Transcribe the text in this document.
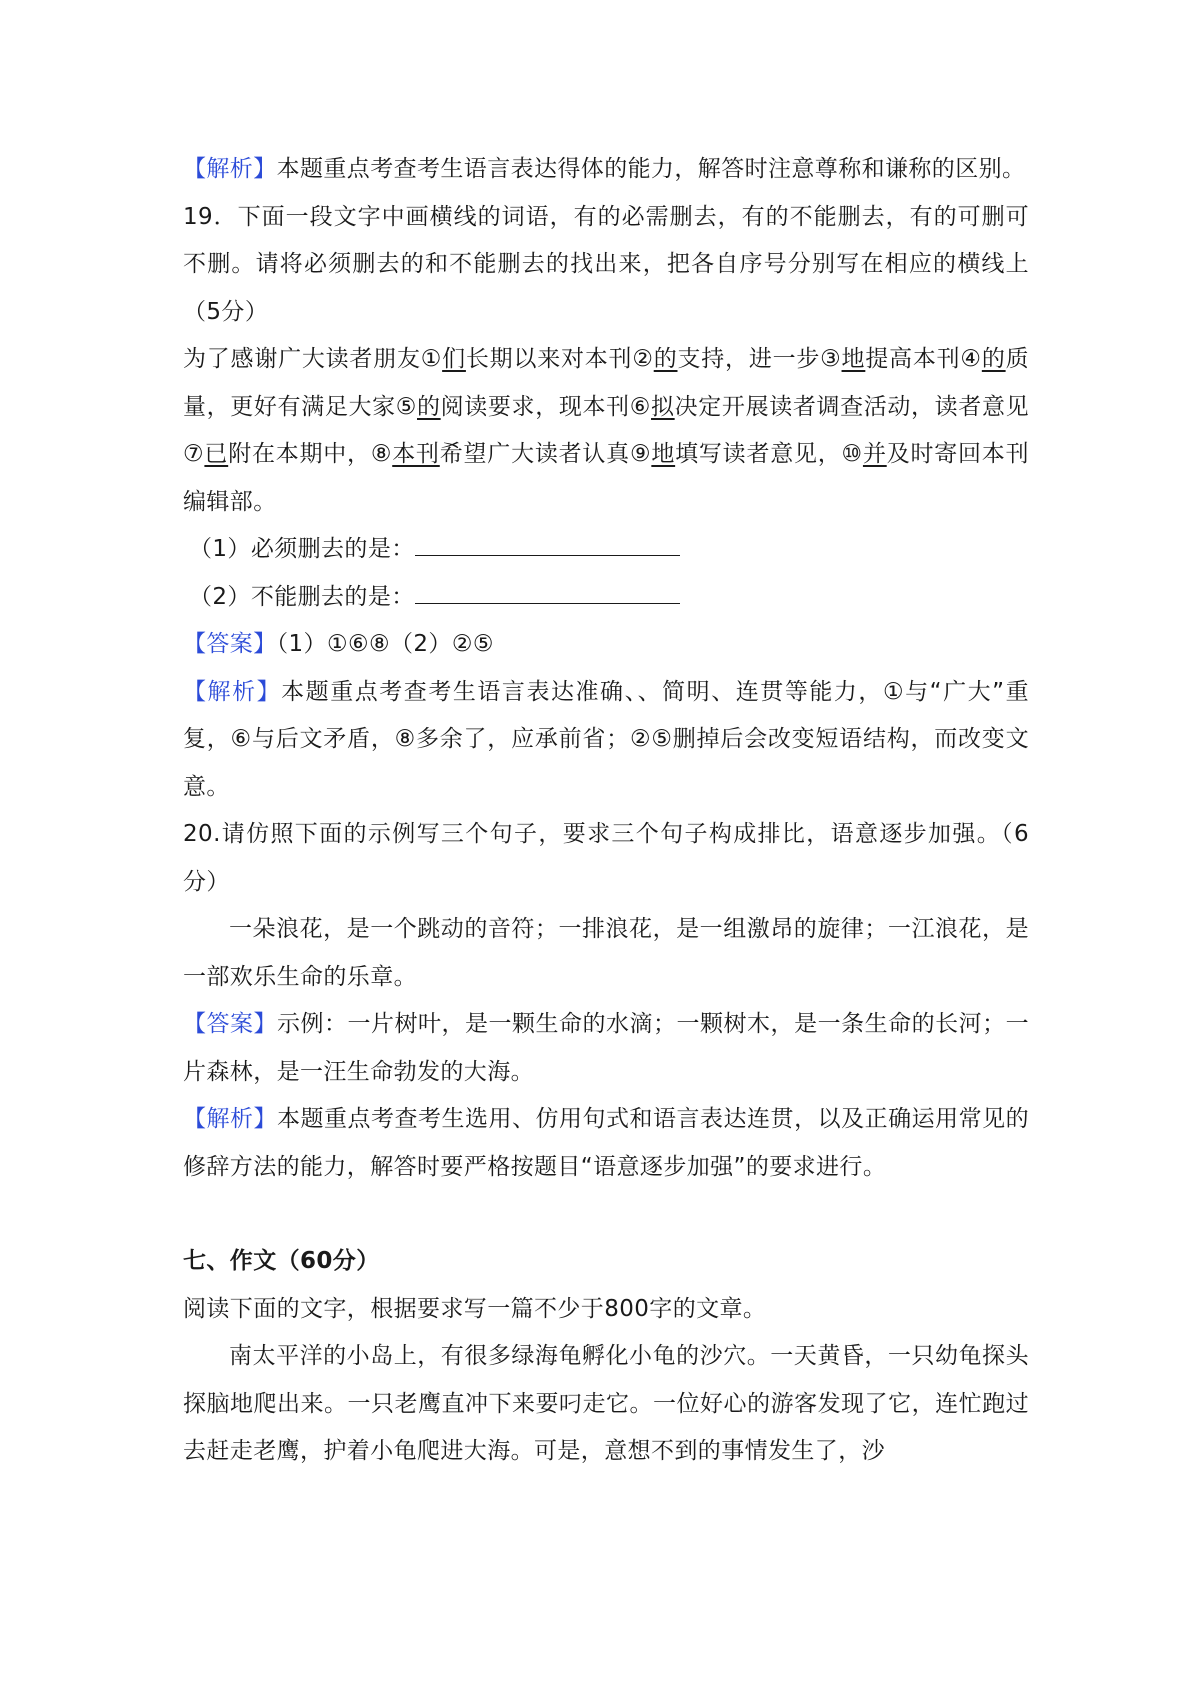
【解析】本题重点考查考生语言表达得体的能力，解答时注意尊称和谦称的区别。

19．下面一段文字中画横线的词语，有的必需删去，有的不能删去，有的可删可不删。请将必须删去的和不能删去的找出来，把各自序号分别写在相应的横线上（5分）

为了感谢广大读者朋友①们长期以来对本刊②的支持，进一步③地提高本刊④的质量，更好有满足大家⑤的阅读要求，现本刊⑥拟决定开展读者调查活动，读者意见⑦已附在本期中，⑧本刊希望广大读者认真⑨地填写读者意见，⑩并及时寄回本刊编辑部。

（1）必须删去的是：

（2）不能删去的是：

【答案】（1）①⑥⑧（2）②⑤

【解析】本题重点考查考生语言表达准确、、简明、连贯等能力，①与“广大”重复，⑥与后文矛盾，⑧多余了，应承前省；②⑤删掉后会改变短语结构，而改变文意。

20.请仿照下面的示例写三个句子，要求三个句子构成排比，语意逐步加强。（6分）

一朵浪花，是一个跳动的音符；一排浪花，是一组激昂的旋律；一江浪花，是一部欢乐生命的乐章。

【答案】示例：一片树叶，是一颗生命的水滴；一颗树木，是一条生命的长河；一片森林，是一汪生命勃发的大海。

【解析】本题重点考查考生选用、仿用句式和语言表达连贯，以及正确运用常见的修辞方法的能力，解答时要严格按题目“语意逐步加强”的要求进行。

七、作文（60分）

阅读下面的文字，根据要求写一篇不少于800字的文章。

南太平洋的小岛上，有很多绿海龟孵化小龟的沙穴。一天黄昏，一只幼龟探头探脑地爬出来。一只老鹰直冲下来要叼走它。一位好心的游客发现了它，连忙跑过去赶走老鹰，护着小龟爬进大海。可是，意想不到的事情发生了，沙
